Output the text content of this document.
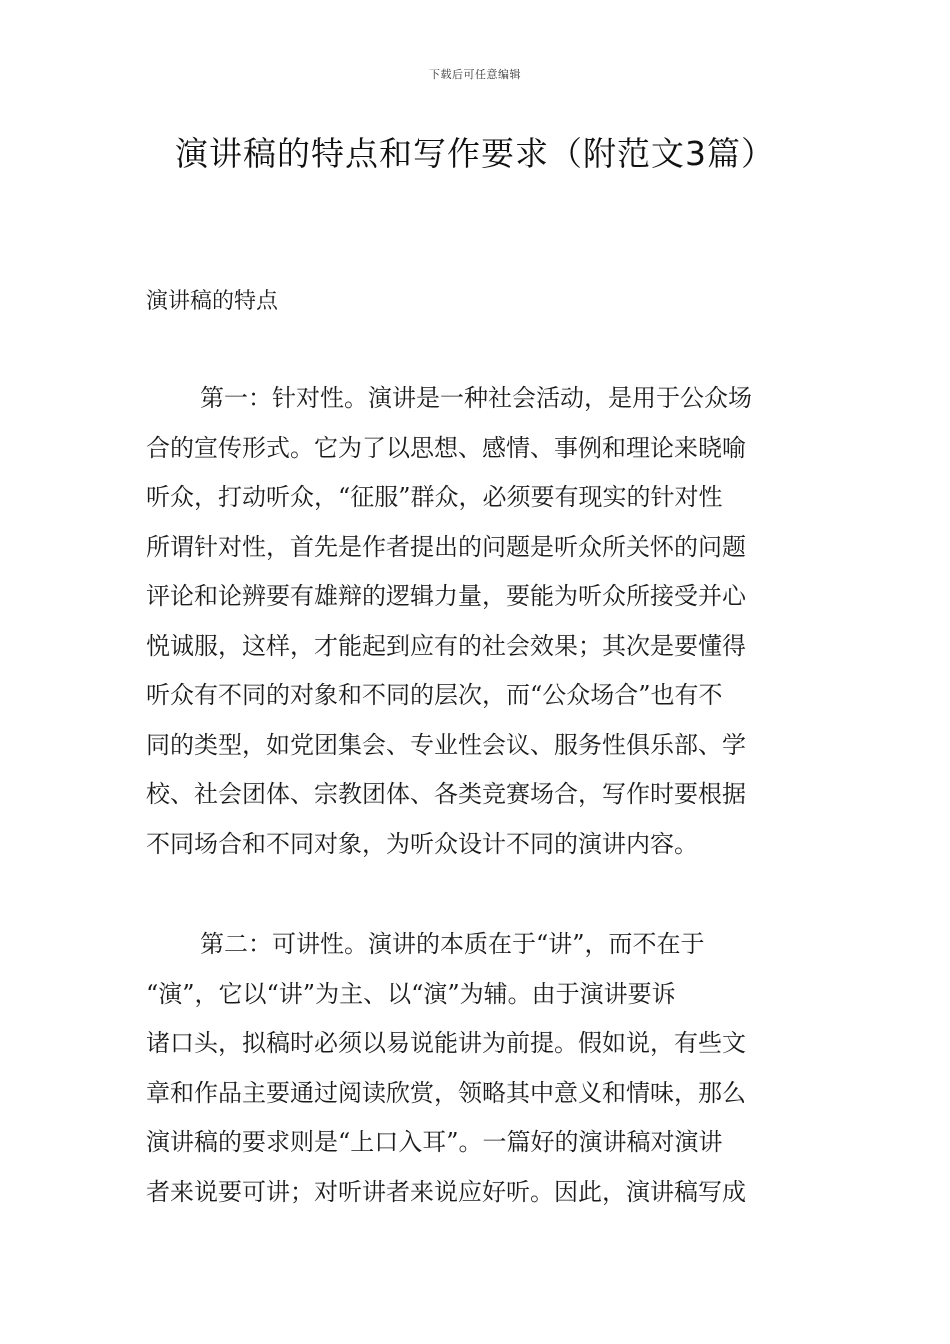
下载后可任意编辑
演讲稿的特点和写作要求（附范文3篇）
演讲稿的特点
第一：针对性。演讲是一种社会活动，是用于公众场
合的宣传形式。它为了以思想、感情、事例和理论来晓喻
听众，打动听众，“征服”群众，必须要有现实的针对性
所谓针对性，首先是作者提出的问题是听众所关怀的问题
评论和论辨要有雄辩的逻辑力量，要能为听众所接受并心
悦诚服，这样，才能起到应有的社会效果；其次是要懂得
听众有不同的对象和不同的层次，而“公众场合”也有不
同的类型，如党团集会、专业性会议、服务性俱乐部、学
校、社会团体、宗教团体、各类竞赛场合，写作时要根据
不同场合和不同对象，为听众设计不同的演讲内容。
第二：可讲性。演讲的本质在于“讲”，而不在于
“演”，它以“讲”为主、以“演”为辅。由于演讲要诉
诸口头，拟稿时必须以易说能讲为前提。假如说，有些文
章和作品主要通过阅读欣赏，领略其中意义和情味，那么
演讲稿的要求则是“上口入耳”。一篇好的演讲稿对演讲
者来说要可讲；对听讲者来说应好听。因此，演讲稿写成
